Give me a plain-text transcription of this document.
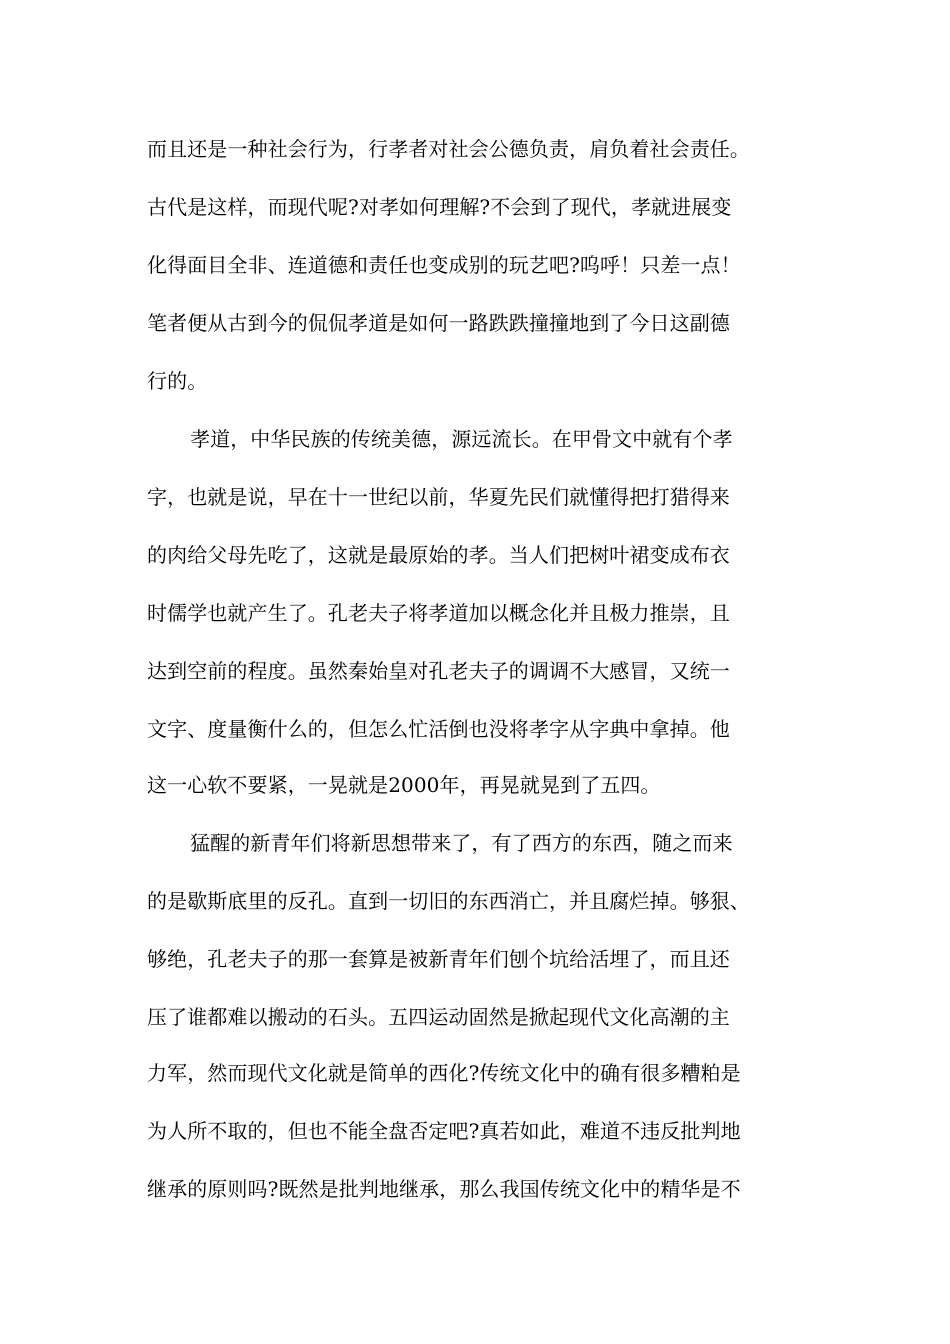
而且还是一种社会行为，行孝者对社会公德负责，肩负着社会责任。
古代是这样，而现代呢?对孝如何理解?不会到了现代，孝就进展变
化得面目全非、连道德和责任也变成别的玩艺吧?呜呼！只差一点！
笔者便从古到今的侃侃孝道是如何一路跌跌撞撞地到了今日这副德
行的。
孝道，中华民族的传统美德，源远流长。在甲骨文中就有个孝
字，也就是说，早在十一世纪以前，华夏先民们就懂得把打猎得来
的肉给父母先吃了，这就是最原始的孝。当人们把树叶裙变成布衣
时儒学也就产生了。孔老夫子将孝道加以概念化并且极力推崇，且
达到空前的程度。虽然秦始皇对孔老夫子的调调不大感冒，又统一
文字、度量衡什么的，但怎么忙活倒也没将孝字从字典中拿掉。他
这一心软不要紧，一晃就是2000年，再晃就晃到了五四。
猛醒的新青年们将新思想带来了，有了西方的东西，随之而来
的是歇斯底里的反孔。直到一切旧的东西消亡，并且腐烂掉。够狠、
够绝，孔老夫子的那一套算是被新青年们刨个坑给活埋了，而且还
压了谁都难以搬动的石头。五四运动固然是掀起现代文化高潮的主
力军，然而现代文化就是简单的西化?传统文化中的确有很多糟粕是
为人所不取的，但也不能全盘否定吧?真若如此，难道不违反批判地
继承的原则吗?既然是批判地继承，那么我国传统文化中的精华是不
